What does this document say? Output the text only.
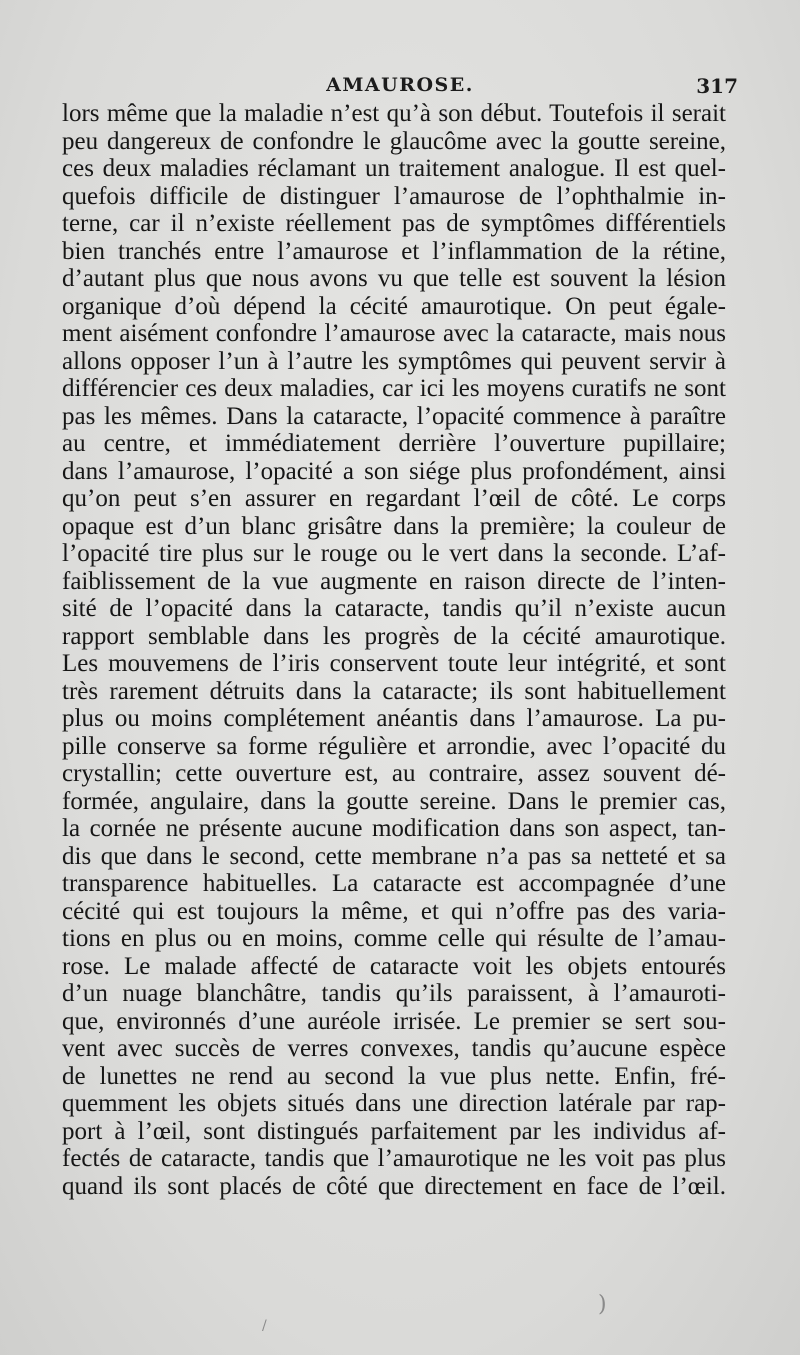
AMAUROSE.	317
lors même que la maladie n’est qu’à son début. Toutefois il serait
peu dangereux de confondre le glaucôme avec la goutte sereine,
ces deux maladies réclamant un traitement analogue. Il est quel-
quefois difficile de distinguer l’amaurose de l’ophthalmie in-
terne, car il n’existe réellement pas de symptômes différentiels
bien tranchés entre l’amaurose et l’inflammation de la rétine,
d’autant plus que nous avons vu que telle est souvent la lésion
organique d’où dépend la cécité amaurotique. On peut égale-
ment aisément confondre l’amaurose avec la cataracte, mais nous
allons opposer l’un à l’autre les symptômes qui peuvent servir à
différencier ces deux maladies, car ici les moyens curatifs ne sont
pas les mêmes. Dans la cataracte, l’opacité commence à paraître
au centre, et immédiatement derrière l’ouverture pupillaire;
dans l’amaurose, l’opacité a son siége plus profondément, ainsi
qu’on peut s’en assurer en regardant l’œil de côté. Le corps
opaque est d’un blanc grisâtre dans la première; la couleur de
l’opacité tire plus sur le rouge ou le vert dans la seconde. L’af-
faiblissement de la vue augmente en raison directe de l’inten-
sité de l’opacité dans la cataracte, tandis qu’il n’existe aucun
rapport semblable dans les progrès de la cécité amaurotique.
Les mouvemens de l’iris conservent toute leur intégrité, et sont
très rarement détruits dans la cataracte; ils sont habituellement
plus ou moins complétement anéantis dans l’amaurose. La pu-
pille conserve sa forme régulière et arrondie, avec l’opacité du
crystallin; cette ouverture est, au contraire, assez souvent dé-
formée, angulaire, dans la goutte sereine. Dans le premier cas,
la cornée ne présente aucune modification dans son aspect, tan-
dis que dans le second, cette membrane n’a pas sa netteté et sa
transparence habituelles. La cataracte est accompagnée d’une
cécité qui est toujours la même, et qui n’offre pas des varia-
tions en plus ou en moins, comme celle qui résulte de l’amau-
rose. Le malade affecté de cataracte voit les objets entourés
d’un nuage blanchâtre, tandis qu’ils paraissent, à l’amauroti-
que, environnés d’une auréole irrisée. Le premier se sert sou-
vent avec succès de verres convexes, tandis qu’aucune espèce
de lunettes ne rend au second la vue plus nette. Enfin, fré-
quemment les objets situés dans une direction latérale par rap-
port à l’œil, sont distingués parfaitement par les individus af-
fectés de cataracte, tandis que l’amaurotique ne les voit pas plus
quand ils sont placés de côté que directement en face de l’œil.
)
/
